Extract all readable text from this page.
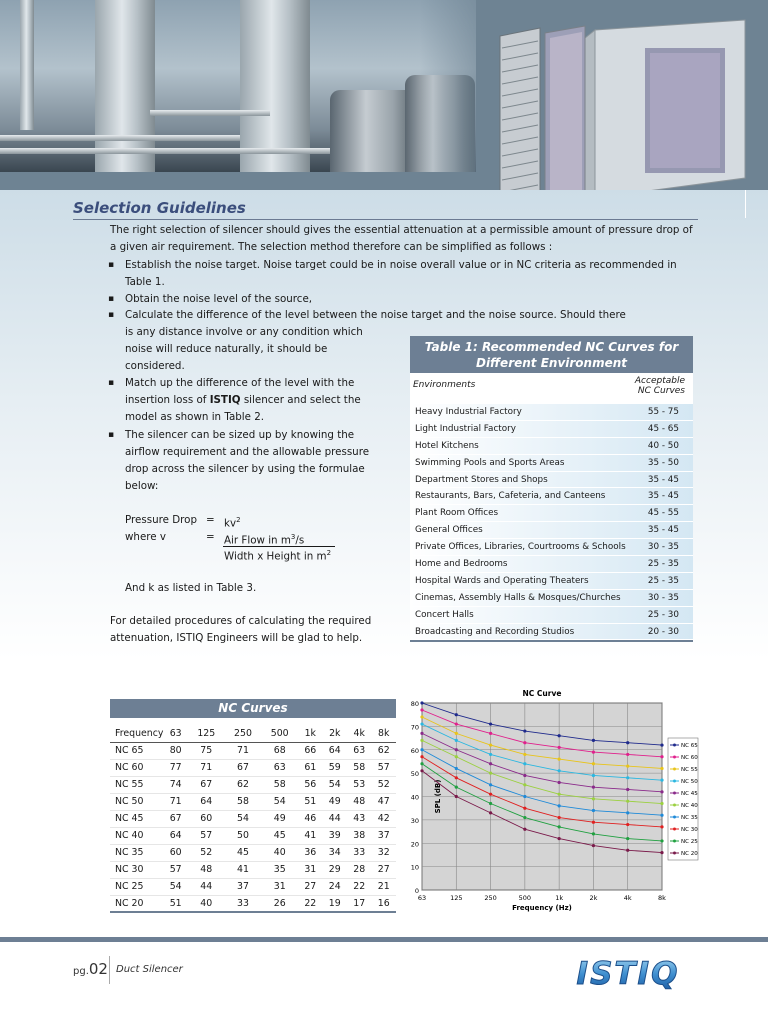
Selection Guidelines
The right selection of silencer should gives the essential attenuation at a permissible amount of pressure drop of
a given air requirement. The selection method therefore can be simplified as follows :
▪ Establish the noise target. Noise target could be in noise overall value or in NC criteria as recommended in
Table 1.
▪ Obtain the noise level of the source,
▪ Calculate the difference of the level between the noise target and the noise source. Should there
is any distance involve or any condition which
noise will reduce naturally, it should be
considered.
▪ Match up the difference of the level with the
insertion loss of ISTIQ silencer and select the
model as shown in Table 2.
▪ The silencer can be sized up by knowing the
airflow requirement and the allowable pressure
drop across the silencer by using the formulae
below:
Pressure Drop = $kv^2$
where v	= Air Flow in $m^3/s$
Width x Height in $m^2$
And k as listed in Table 3.
For detailed procedures of calculating the required
attenuation, ISTIQ Engineers will be glad to help.
Table 1: Recommended NC Curves for
Different Environment
Environments	Acceptable
NC Curves
Heavy Industrial Factory	55 - 75
Light Industrial Factory	45 - 65
Hotel Kitchens	40 - 50
Swimming Pools and Sports Areas	35 - 50
Department Stores and Shops	35 - 45
Restaurants, Bars, Cafeteria, and Canteens	35 - 45
Plant Room Offices	45 - 55
General Offices	35 - 45
Private Offices, Libraries, Courtrooms & Schools	30 - 35
Home and Bedrooms	25 - 35
Hospital Wards and Operating Theaters	25 - 35
Cinemas, Assembly Halls & Mosques/Churches	30 - 35
Concert Halls	25 - 30
Broadcasting and Recording Studios	20 - 30
NC Curves
Frequency	63	125	250	500	1k	2k	4k	8k
NC 65	80	75	71	68	66	64	63	62
NC 60	77	71	67	63	61	59	58	57
NC 55	74	67	62	58	56	54	53	52
NC 50	71	64	58	54	51	49	48	47
NC 45	67	60	54	49	46	44	43	42
NC 40	64	57	50	45	41	39	38	37
NC 35	60	52	45	40	36	34	33	32
NC 30	57	48	41	35	31	29	28	27
NC 25	54	44	37	31	27	24	22	21
NC 20	51	40	33	26	22	19	17	16
0
10
20
30
40
50
60
70
80
63	125	250	500	1k	2k	4k	8k
NC Curve
Frequency (Hz)
SPL (dB)
NC 65
NC 60
NC 55
NC 50
NC 45
NC 40
NC 35
NC 30
NC 25
NC 20
pg.02 Duct Silencer	ISTIQ
